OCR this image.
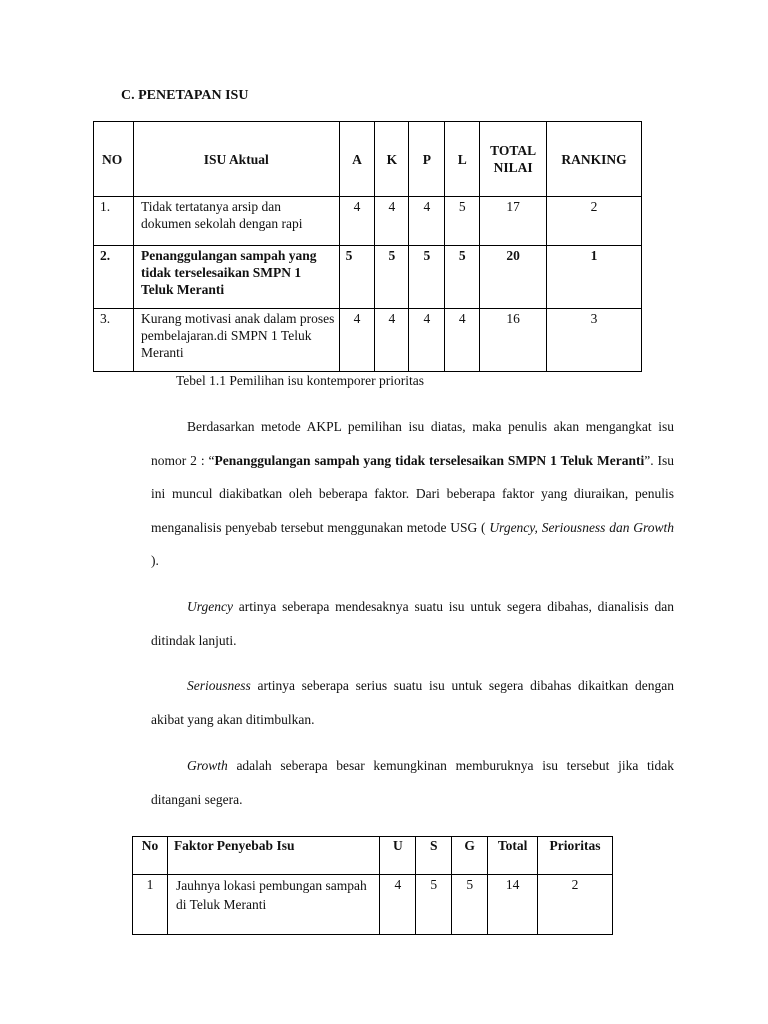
C. PENETAPAN ISU
NO	ISU Aktual	A	K	P	L	TOTAL NILAI	RANKING
1.	Tidak tertatanya arsip dan dokumen sekolah dengan rapi	4	4	4	5	17	2
2.	Penanggulangan sampah yang tidak terselesaikan SMPN 1 Teluk Meranti	5	5	5	5	20	1
3.	Kurang motivasi anak dalam proses pembelajaran.di SMPN 1 Teluk Meranti	4	4	4	4	16	3
Tebel 1.1 Pemilihan isu kontemporer prioritas

Berdasarkan metode AKPL pemilihan isu diatas, maka penulis akan mengangkat isu nomor 2 : “Penanggulangan sampah yang tidak terselesaikan SMPN 1 Teluk Meranti”. Isu ini muncul diakibatkan oleh beberapa faktor. Dari beberapa faktor yang diuraikan, penulis menganalisis penyebab tersebut menggunakan metode USG ( Urgency, Seriousness dan Growth ).

Urgency artinya seberapa mendesaknya suatu isu untuk segera dibahas, dianalisis dan ditindak lanjuti.

Seriousness artinya seberapa serius suatu isu untuk segera dibahas dikaitkan dengan akibat yang akan ditimbulkan.

Growth adalah seberapa besar kemungkinan memburuknya isu tersebut jika tidak ditangani segera.

No	Faktor Penyebab Isu	U	S	G	Total	Prioritas
1	Jauhnya lokasi pembungan sampah di Teluk Meranti	4	5	5	14	2
